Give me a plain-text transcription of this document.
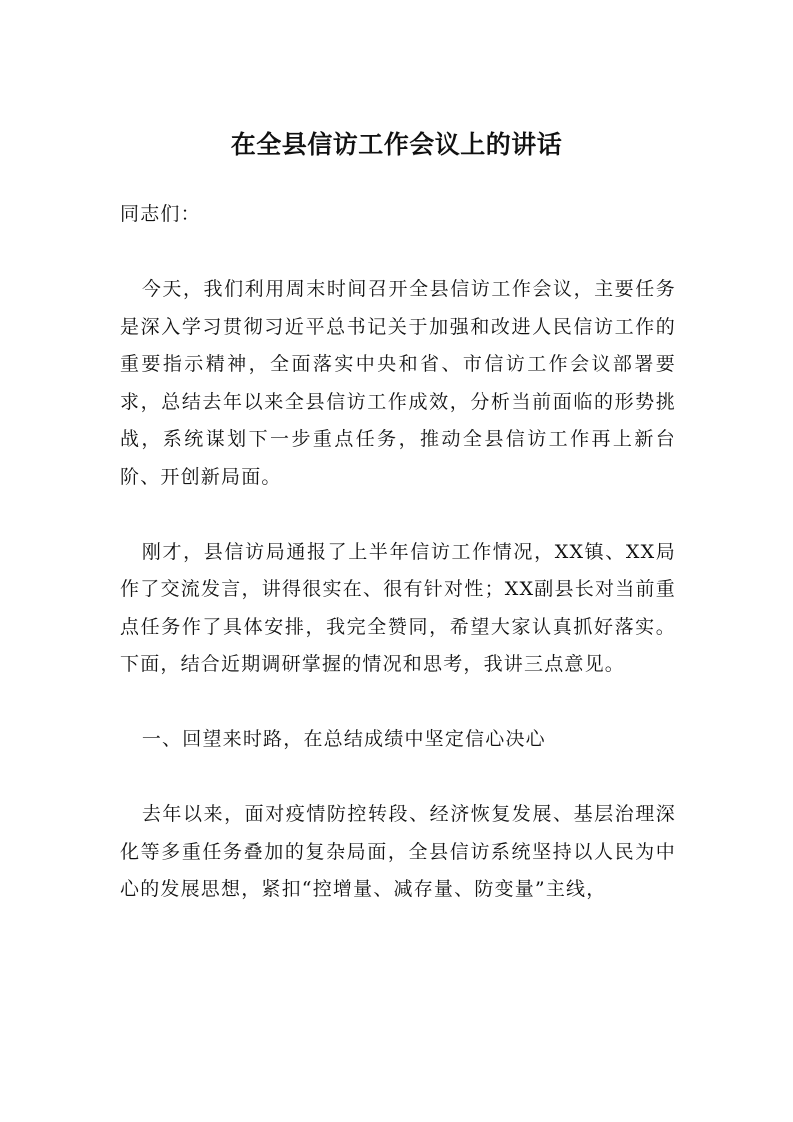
在全县信访工作会议上的讲话

同志们：

今天，我们利用周末时间召开全县信访工作会议，主要任务是深入学习贯彻习近平总书记关于加强和改进人民信访工作的重要指示精神，全面落实中央和省、市信访工作会议部署要求，总结去年以来全县信访工作成效，分析当前面临的形势挑战，系统谋划下一步重点任务，推动全县信访工作再上新台阶、开创新局面。

刚才，县信访局通报了上半年信访工作情况，XX镇、XX局作了交流发言，讲得很实在、很有针对性；XX副县长对当前重点任务作了具体安排，我完全赞同，希望大家认真抓好落实。下面，结合近期调研掌握的情况和思考，我讲三点意见。

一、回望来时路，在总结成绩中坚定信心决心

去年以来，面对疫情防控转段、经济恢复发展、基层治理深化等多重任务叠加的复杂局面，全县信访系统坚持以人民为中心的发展思想，紧扣“控增量、减存量、防变量”主线，
